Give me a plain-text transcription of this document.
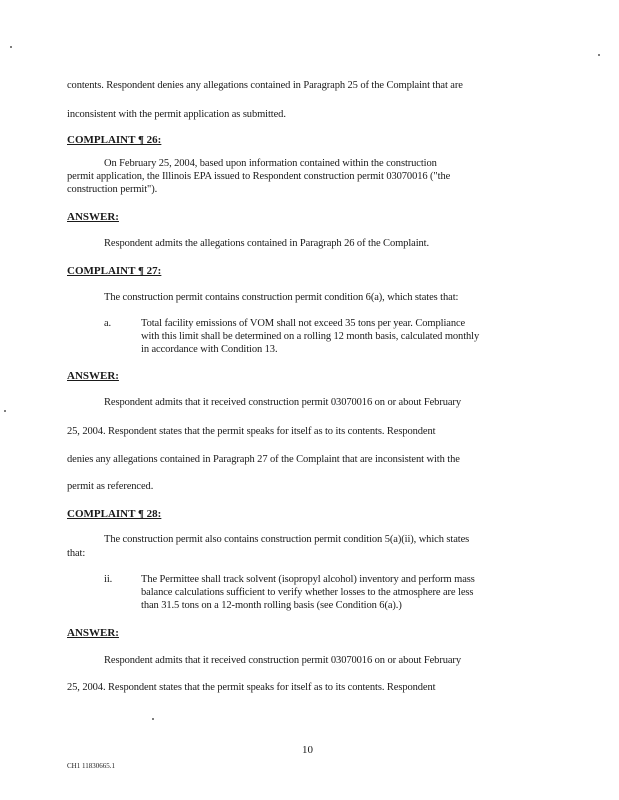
contents. Respondent denies any allegations contained in Paragraph 25 of the Complaint that are
inconsistent with the permit application as submitted.
COMPLAINT ¶ 26:
On February 25, 2004, based upon information contained within the construction
permit application, the Illinois EPA issued to Respondent construction permit 03070016 ("the
construction permit").
ANSWER:
Respondent admits the allegations contained in Paragraph 26 of the Complaint.
COMPLAINT ¶ 27:
The construction permit contains construction permit condition 6(a), which states that:
a.	Total facility emissions of VOM shall not exceed 35 tons per year. Compliance
with this limit shall be determined on a rolling 12 month basis, calculated monthly
in accordance with Condition 13.
ANSWER:
Respondent admits that it received construction permit 03070016 on or about February
25, 2004. Respondent states that the permit speaks for itself as to its contents. Respondent
denies any allegations contained in Paragraph 27 of the Complaint that are inconsistent with the
permit as referenced.
COMPLAINT ¶ 28:
The construction permit also contains construction permit condition 5(a)(ii), which states
that:
ii.	The Permittee shall track solvent (isopropyl alcohol) inventory and perform mass
balance calculations sufficient to verify whether losses to the atmosphere are less
than 31.5 tons on a 12-month rolling basis (see Condition 6(a).)
ANSWER:
Respondent admits that it received construction permit 03070016 on or about February
25, 2004. Respondent states that the permit speaks for itself as to its contents. Respondent
10
CH1 11830665.1
